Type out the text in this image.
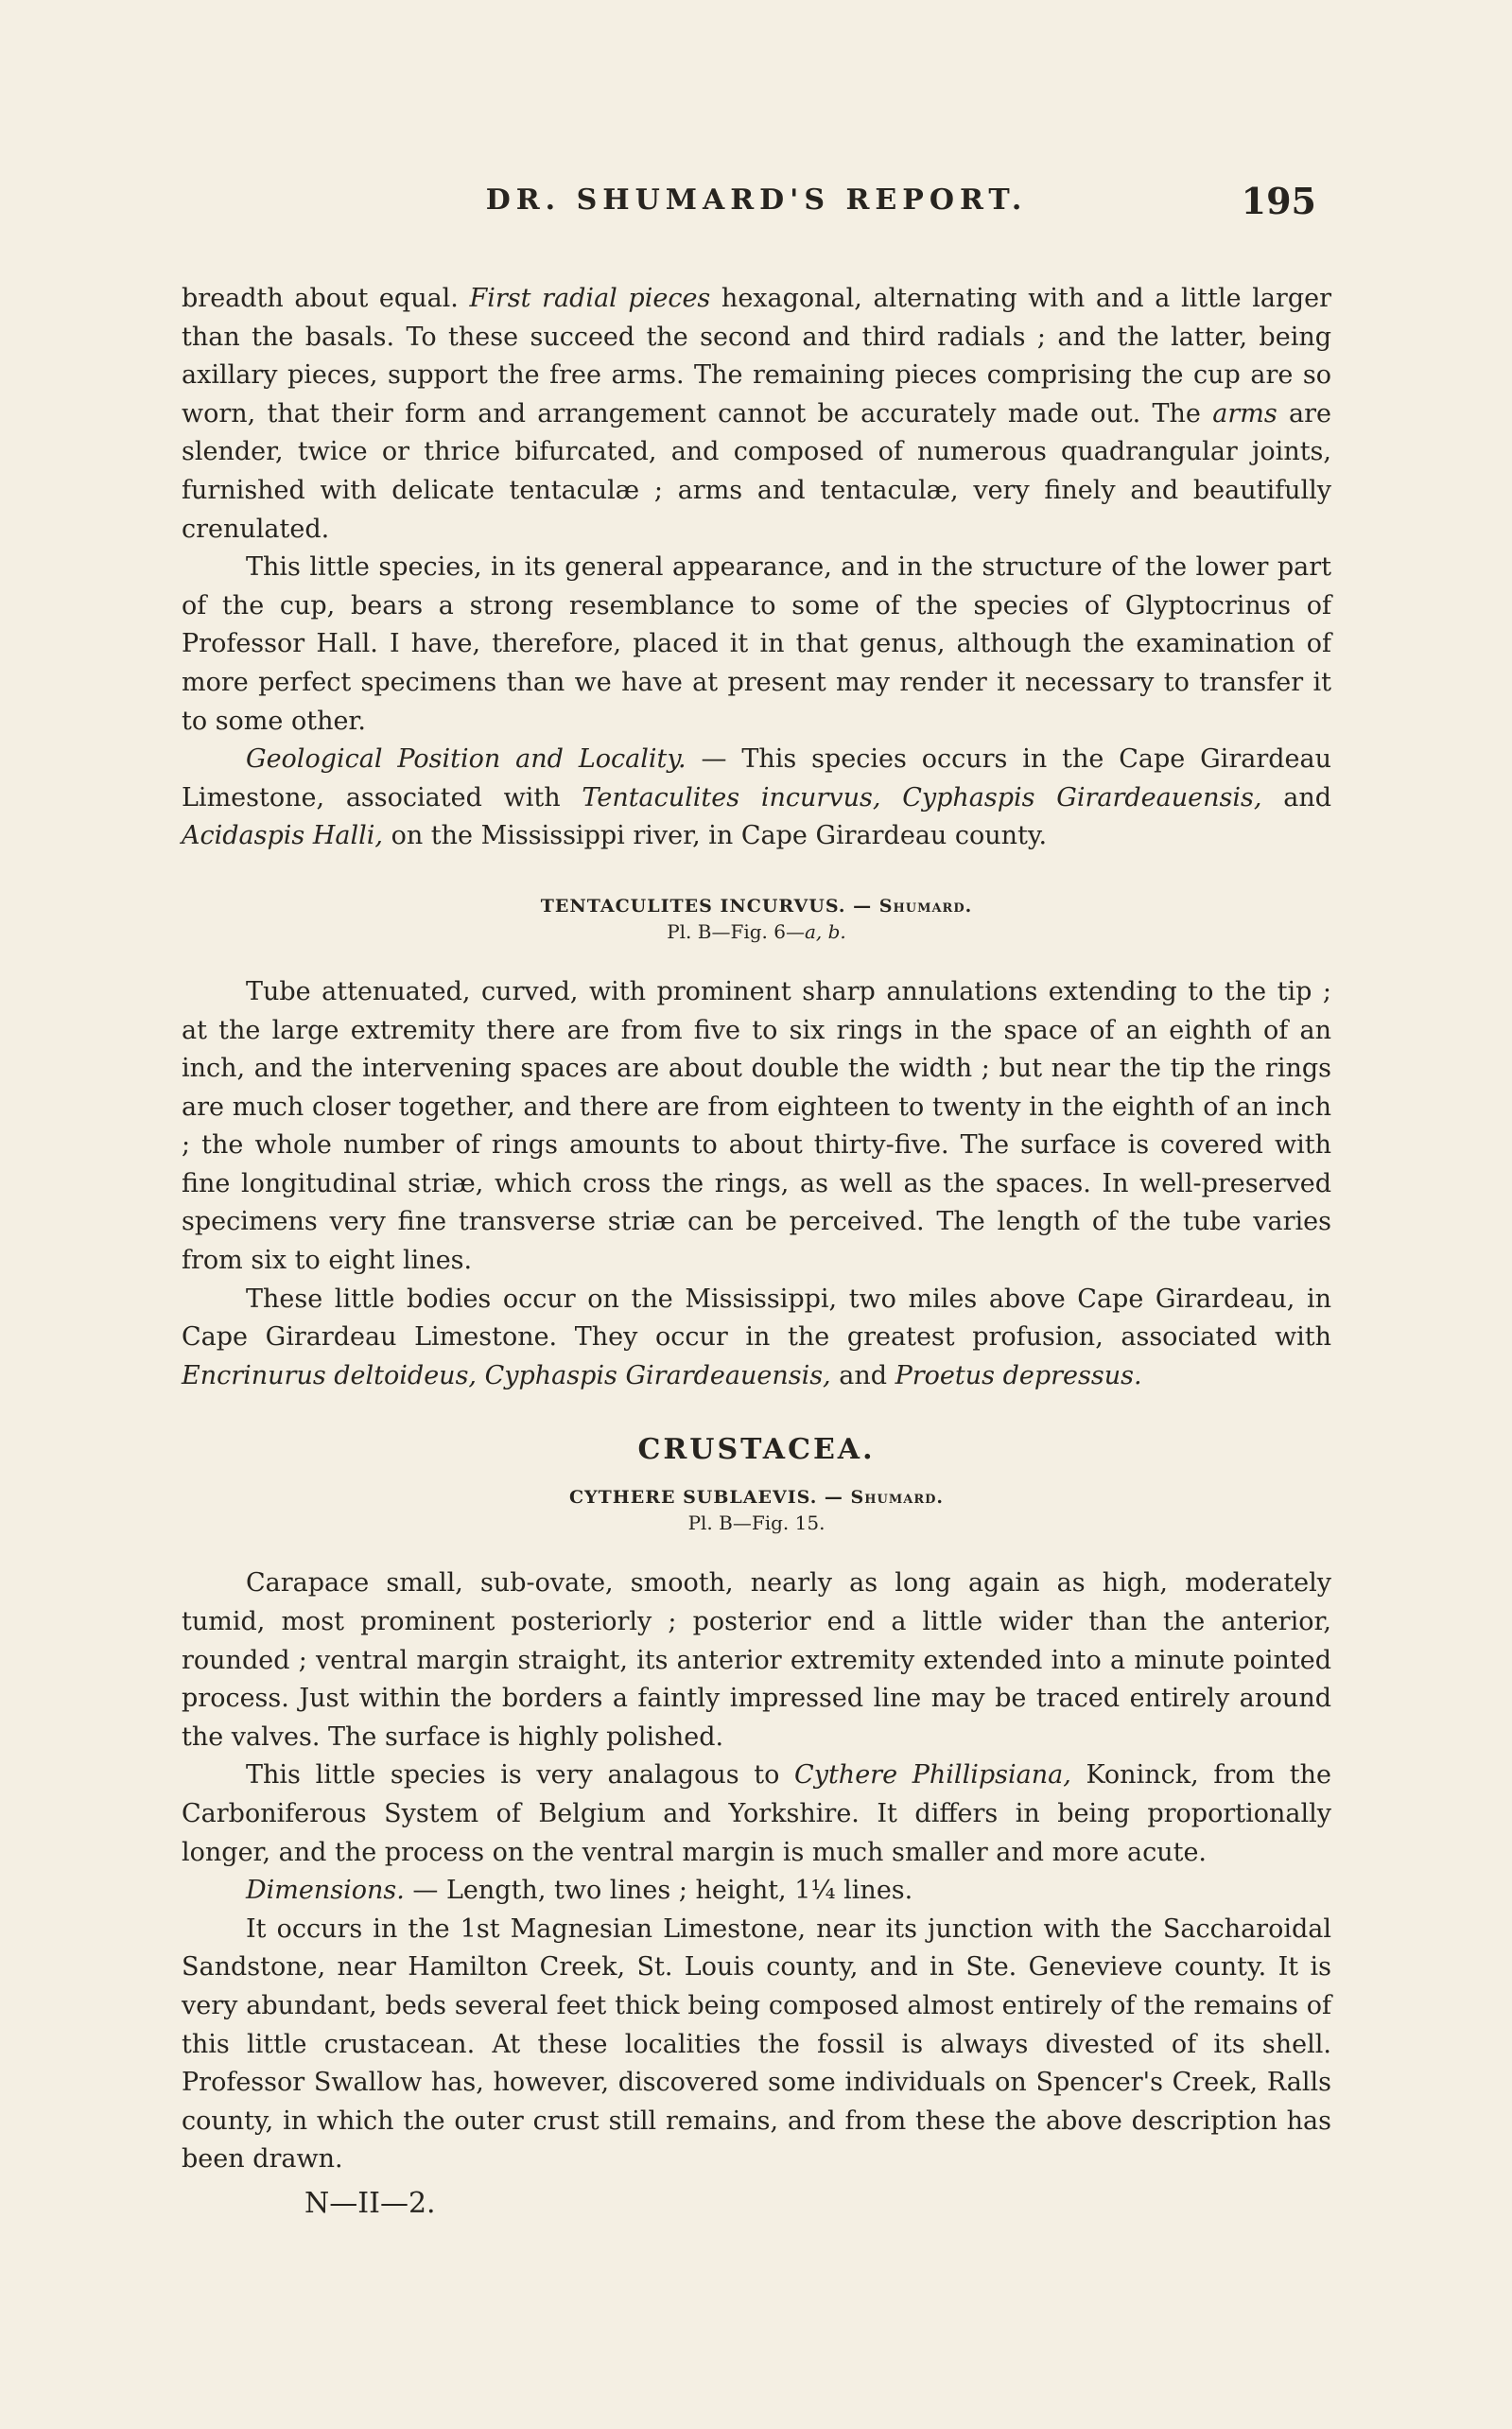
DR. SHUMARD'S REPORT.	195

breadth about equal. First radial pieces hexagonal, alternating with and a little larger than the basals. To these succeed the second and third radials ; and the latter, being axillary pieces, support the free arms. The remaining pieces comprising the cup are so worn, that their form and arrangement cannot be accurately made out. The arms are slender, twice or thrice bifurcated, and composed of numerous quadrangular joints, furnished with delicate tentaculæ ; arms and tentaculæ, very finely and beautifully crenulated.

This little species, in its general appearance, and in the structure of the lower part of the cup, bears a strong resemblance to some of the species of Glyptocrinus of Professor Hall. I have, therefore, placed it in that genus, although the examination of more perfect specimens than we have at present may render it necessary to transfer it to some other.

Geological Position and Locality. — This species occurs in the Cape Girardeau Limestone, associated with Tentaculites incurvus, Cyphaspis Girardeauensis, and Acidaspis Halli, on the Mississippi river, in Cape Girardeau county.

TENTACULITES INCURVUS. — Shumard.
Pl. B—Fig. 6—a, b.

Tube attenuated, curved, with prominent sharp annulations extending to the tip ; at the large extremity there are from five to six rings in the space of an eighth of an inch, and the intervening spaces are about double the width ; but near the tip the rings are much closer together, and there are from eighteen to twenty in the eighth of an inch ; the whole number of rings amounts to about thirty-five. The surface is covered with fine longitudinal striæ, which cross the rings, as well as the spaces. In well-preserved specimens very fine transverse striæ can be perceived. The length of the tube varies from six to eight lines.

These little bodies occur on the Mississippi, two miles above Cape Girardeau, in Cape Girardeau Limestone. They occur in the greatest profusion, associated with Encrinurus deltoideus, Cyphaspis Girardeauensis, and Proetus depressus.

CRUSTACEA.
CYTHERE SUBLAEVIS. — Shumard.
Pl. B—Fig. 15.

Carapace small, sub-ovate, smooth, nearly as long again as high, moderately tumid, most prominent posteriorly ; posterior end a little wider than the anterior, rounded ; ventral margin straight, its anterior extremity extended into a minute pointed process. Just within the borders a faintly impressed line may be traced entirely around the valves. The surface is highly polished.

This little species is very analagous to Cythere Phillipsiana, Koninck, from the Carboniferous System of Belgium and Yorkshire. It differs in being proportionally longer, and the process on the ventral margin is much smaller and more acute.

Dimensions. — Length, two lines ; height, 1¼ lines.

It occurs in the 1st Magnesian Limestone, near its junction with the Saccharoidal Sandstone, near Hamilton Creek, St. Louis county, and in Ste. Genevieve county. It is very abundant, beds several feet thick being composed almost entirely of the remains of this little crustacean. At these localities the fossil is always divested of its shell. Professor Swallow has, however, discovered some individuals on Spencer's Creek, Ralls county, in which the outer crust still remains, and from these the above description has been drawn.

N—II—2.
